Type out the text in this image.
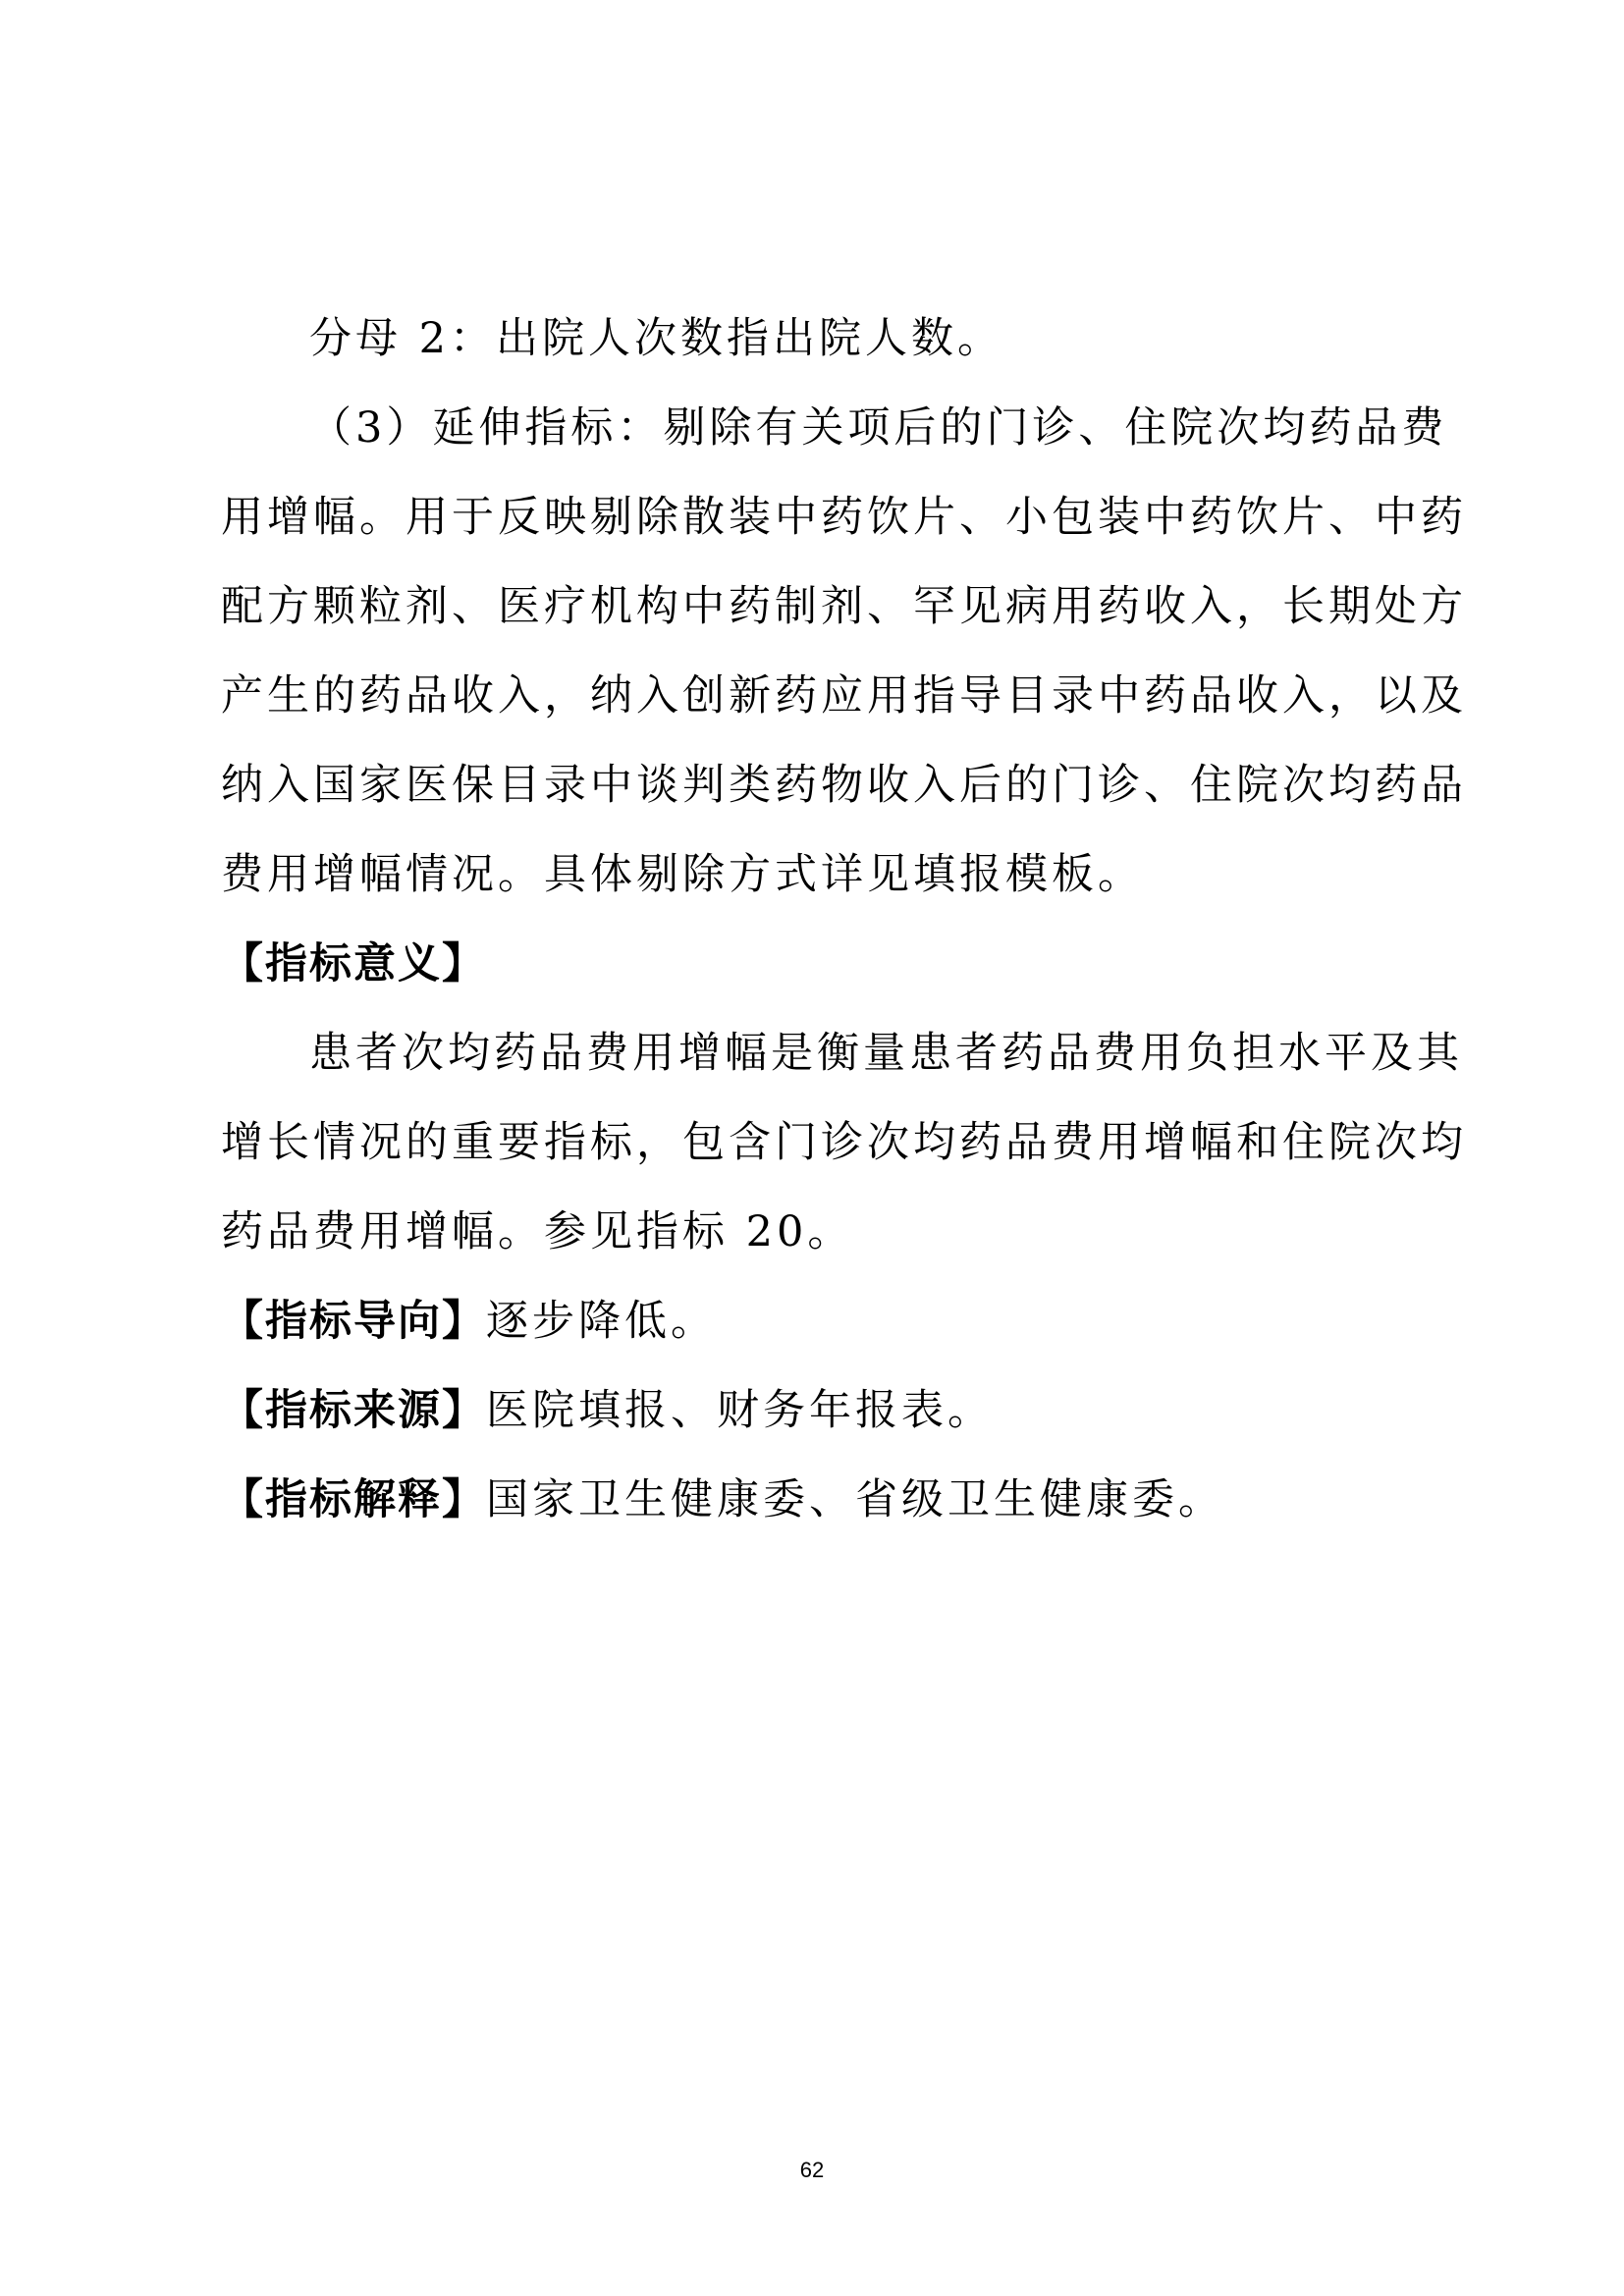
分母 2：出院人次数指出院人数。

（3）延伸指标：剔除有关项后的门诊、住院次均药品费
用增幅。用于反映剔除散装中药饮片、小包装中药饮片、中药
配方颗粒剂、医疗机构中药制剂、罕见病用药收入，长期处方
产生的药品收入，纳入创新药应用指导目录中药品收入，以及
纳入国家医保目录中谈判类药物收入后的门诊、住院次均药品
费用增幅情况。具体剔除方式详见填报模板。

【指标意义】

患者次均药品费用增幅是衡量患者药品费用负担水平及其
增长情况的重要指标，包含门诊次均药品费用增幅和住院次均
药品费用增幅。参见指标 20。

【指标导向】逐步降低。

【指标来源】医院填报、财务年报表。

【指标解释】国家卫生健康委、省级卫生健康委。

62
